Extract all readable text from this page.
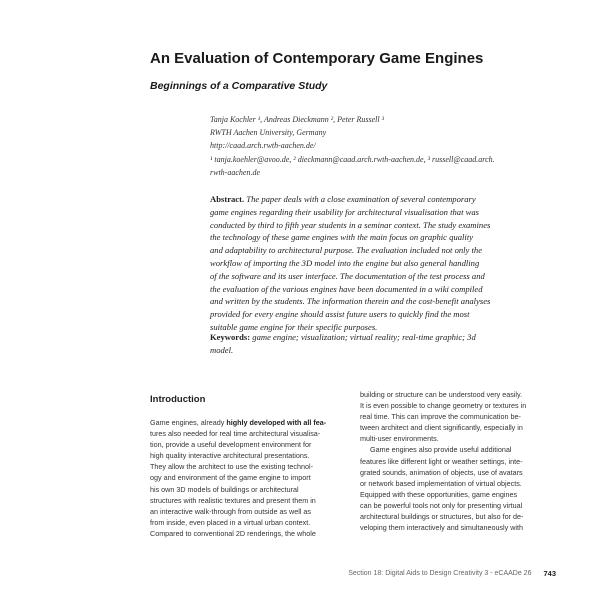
An Evaluation of Contemporary Game Engines
Beginnings of a Comparative Study
Tanja Kochler ¹, Andreas Dieckmann ², Peter Russell ³
RWTH Aachen University, Germany
http://caad.arch.rwth-aachen.de/
¹ tanja.koehler@avoo.de, ² dieckmann@caad.arch.rwth-aachen.de, ³ russell@caad.arch.
rwth-aachen.de
Abstract. The paper deals with a close examination of several contemporary
game engines regarding their usability for architectural visualisation that was
conducted by third to fifth year students in a seminar context. The study examines
the technology of these game engines with the main focus on graphic quality
and adaptability to architectural purpose. The evaluation included not only the
workflow of importing the 3D model into the engine but also general handling
of the software and its user interface. The documentation of the test process and
the evaluation of the various engines have been documented in a wiki compiled
and written by the students. The information therein and the cost-benefit analyses
provided for every engine should assist future users to quickly find the most
suitable game engine for their specific purposes.
Keywords: game engine; visualization; virtual reality; real-time graphic; 3d
model.
Introduction
Game engines, already highly developed with all fea-
tures also needed for real time architectural visualisa-
tion, provide a useful development environment for
high quality interactive architectural presentations.
They allow the architect to use the existing technol-
ogy and environment of the game engine to import
his own 3D models of buildings or architectural
structures with realistic textures and present them in
an interactive walk-through from outside as well as
from inside, even placed in a virtual urban context.
Compared to conventional 2D renderings, the whole
building or structure can be understood very easily.
It is even possible to change geometry or textures in
real time. This can improve the communication be-
tween architect and client significantly, especially in
multi-user environments.
Game engines also provide useful additional
features like different light or weather settings, inte-
grated sounds, animation of objects, use of avatars
or network based implementation of virtual objects.
Equipped with these opportunities, game engines
can be powerful tools not only for presenting virtual
architectural buildings or structures, but also for de-
veloping them interactively and simultaneously with
Section 18: Digital Aids to Design Creativity 3 - eCAADe 26 743
